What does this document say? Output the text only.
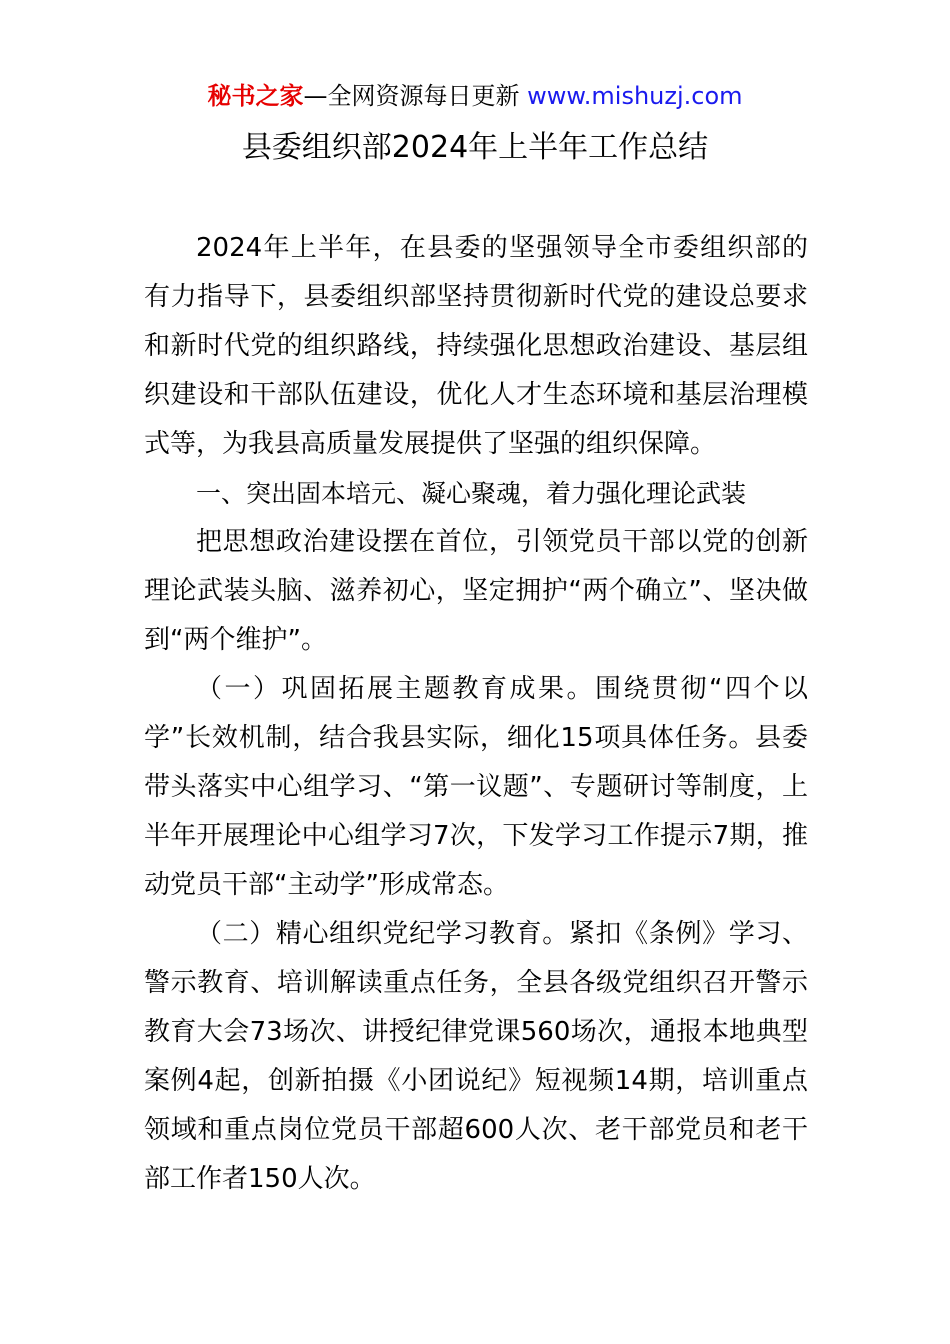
秘书之家—全网资源每日更新 www.mishuzj.com
县委组织部2024年上半年工作总结

2024年上半年，在县委的坚强领导全市委组织部的有力指导下，县委组织部坚持贯彻新时代党的建设总要求和新时代党的组织路线，持续强化思想政治建设、基层组织建设和干部队伍建设，优化人才生态环境和基层治理模式等，为我县高质量发展提供了坚强的组织保障。

一、突出固本培元、凝心聚魂，着力强化理论武装

把思想政治建设摆在首位，引领党员干部以党的创新理论武装头脑、滋养初心，坚定拥护“两个确立”、坚决做到“两个维护”。

（一）巩固拓展主题教育成果。围绕贯彻“四个以学”长效机制，结合我县实际，细化15项具体任务。县委带头落实中心组学习、“第一议题”、专题研讨等制度，上半年开展理论中心组学习7次，下发学习工作提示7期，推动党员干部“主动学”形成常态。

（二）精心组织党纪学习教育。紧扣《条例》学习、警示教育、培训解读重点任务，全县各级党组织召开警示教育大会73场次、讲授纪律党课560场次，通报本地典型案例4起，创新拍摄《小团说纪》短视频14期，培训重点领域和重点岗位党员干部超600人次、老干部党员和老干部工作者150人次。
